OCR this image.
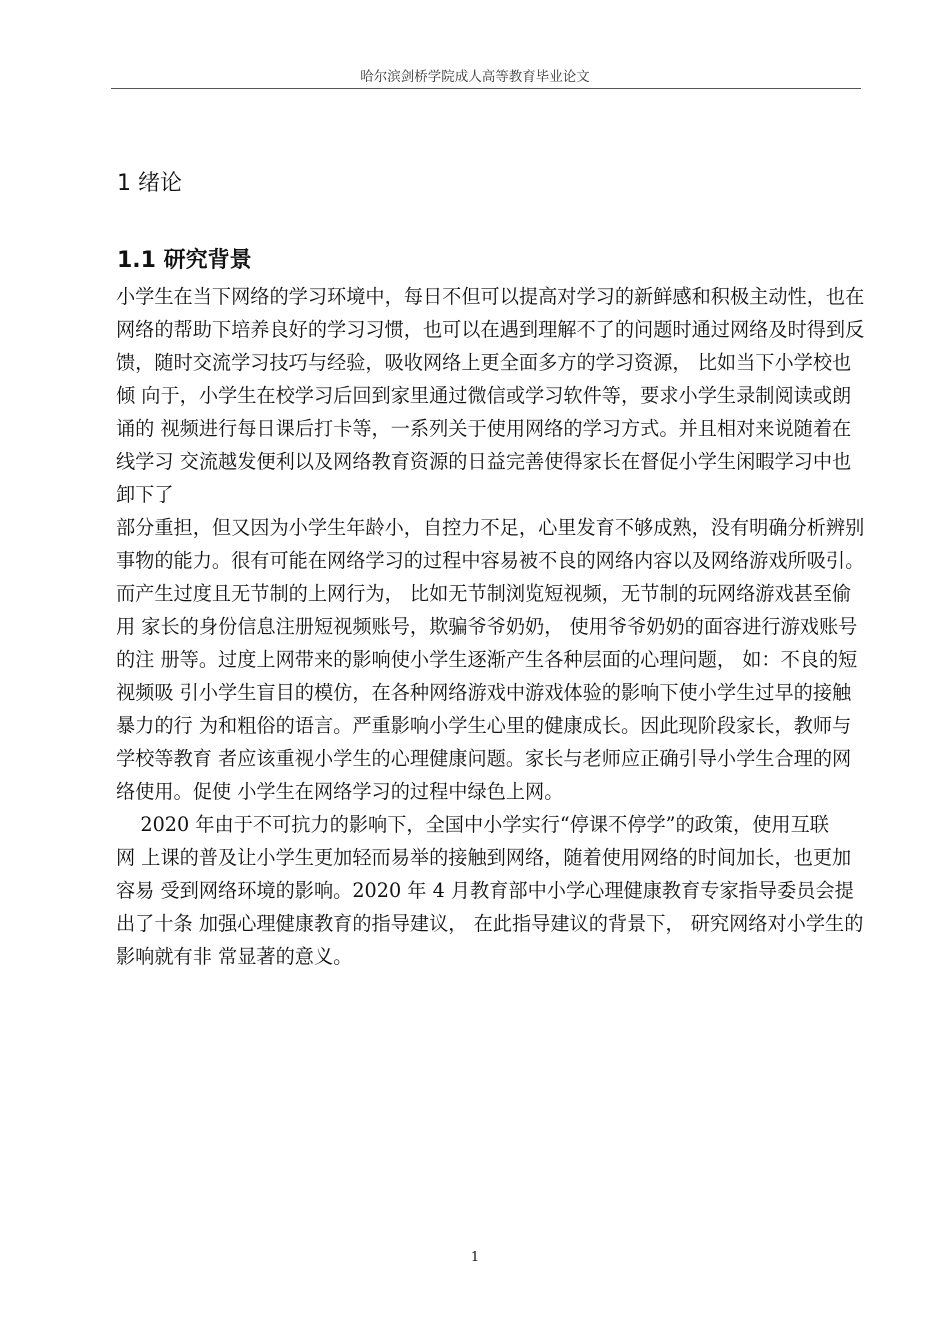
哈尔滨剑桥学院成人高等教育毕业论文
1 绪论
1.1 研究背景
小学生在当下网络的学习环境中，每日不但可以提高对学习的新鲜感和积极主动性，也在
网络的帮助下培养良好的学习习惯，也可以在遇到理解不了的问题时通过网络及时得到反
馈，随时交流学习技巧与经验，吸收网络上更全面多方的学习资源， 比如当下小学校也
倾 向于，小学生在校学习后回到家里通过微信或学习软件等，要求小学生录制阅读或朗
诵的 视频进行每日课后打卡等，一系列关于使用网络的学习方式。并且相对来说随着在
线学习 交流越发便利以及网络教育资源的日益完善使得家长在督促小学生闲暇学习中也
卸下了
部分重担，但又因为小学生年龄小，自控力不足，心里发育不够成熟，没有明确分析辨别
事物的能力。很有可能在网络学习的过程中容易被不良的网络内容以及网络游戏所吸引。
而产生过度且无节制的上网行为， 比如无节制浏览短视频，无节制的玩网络游戏甚至偷
用 家长的身份信息注册短视频账号，欺骗爷爷奶奶， 使用爷爷奶奶的面容进行游戏账号
的注 册等。过度上网带来的影响使小学生逐渐产生各种层面的心理问题， 如：不良的短
视频吸 引小学生盲目的模仿，在各种网络游戏中游戏体验的影响下使小学生过早的接触
暴力的行 为和粗俗的语言。严重影响小学生心里的健康成长。因此现阶段家长，教师与
学校等教育 者应该重视小学生的心理健康问题。家长与老师应正确引导小学生合理的网
络使用。促使 小学生在网络学习的过程中绿色上网。
2020 年由于不可抗力的影响下，全国中小学实行“停课不停学”的政策，使用互联
网 上课的普及让小学生更加轻而易举的接触到网络，随着使用网络的时间加长，也更加
容易 受到网络环境的影响。2020 年 4 月教育部中小学心理健康教育专家指导委员会提
出了十条 加强心理健康教育的指导建议， 在此指导建议的背景下， 研究网络对小学生的
影响就有非 常显著的意义。
1
